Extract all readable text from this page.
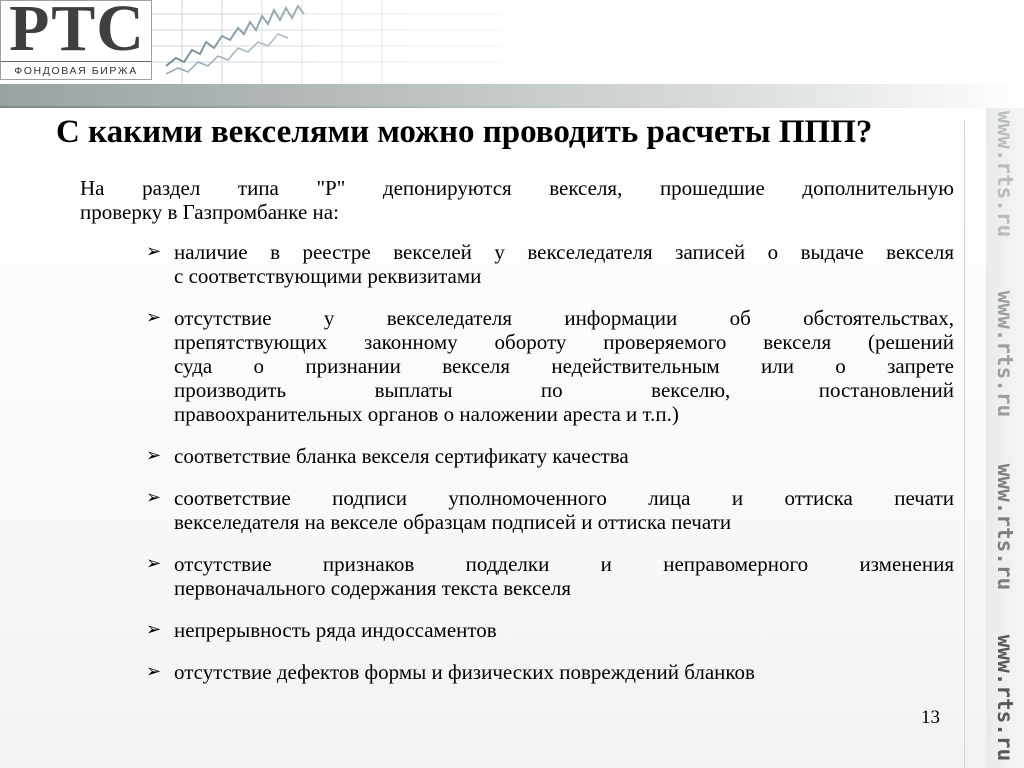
РТС
ФОНДОВАЯ БИРЖА
www.rts.ru
www.rts.ru
www.rts.ru
www.rts.ru
С какими векселями можно проводить расчеты ППП?

На раздел типа "Р" депонируются векселя, прошедшие дополнительную
проверку в Газпромбанке на:

➢ наличие в реестре векселей у векселедателя записей о выдаче векселя
с соответствующими реквизитами
➢ отсутствие у векселедателя информации об обстоятельствах,
препятствующих законному обороту проверяемого векселя (решений
суда о признании векселя недействительным или о запрете
производить выплаты по векселю, постановлений
правоохранительных органов о наложении ареста и т.п.)
➢ соответствие бланка векселя сертификату качества
➢ соответствие подписи уполномоченного лица и оттиска печати
векселедателя на векселе образцам подписей и оттиска печати
➢ отсутствие признаков подделки и неправомерного изменения
первоначального содержания текста векселя
➢ непрерывность ряда индоссаментов
➢ отсутствие дефектов формы и физических повреждений бланков
13
